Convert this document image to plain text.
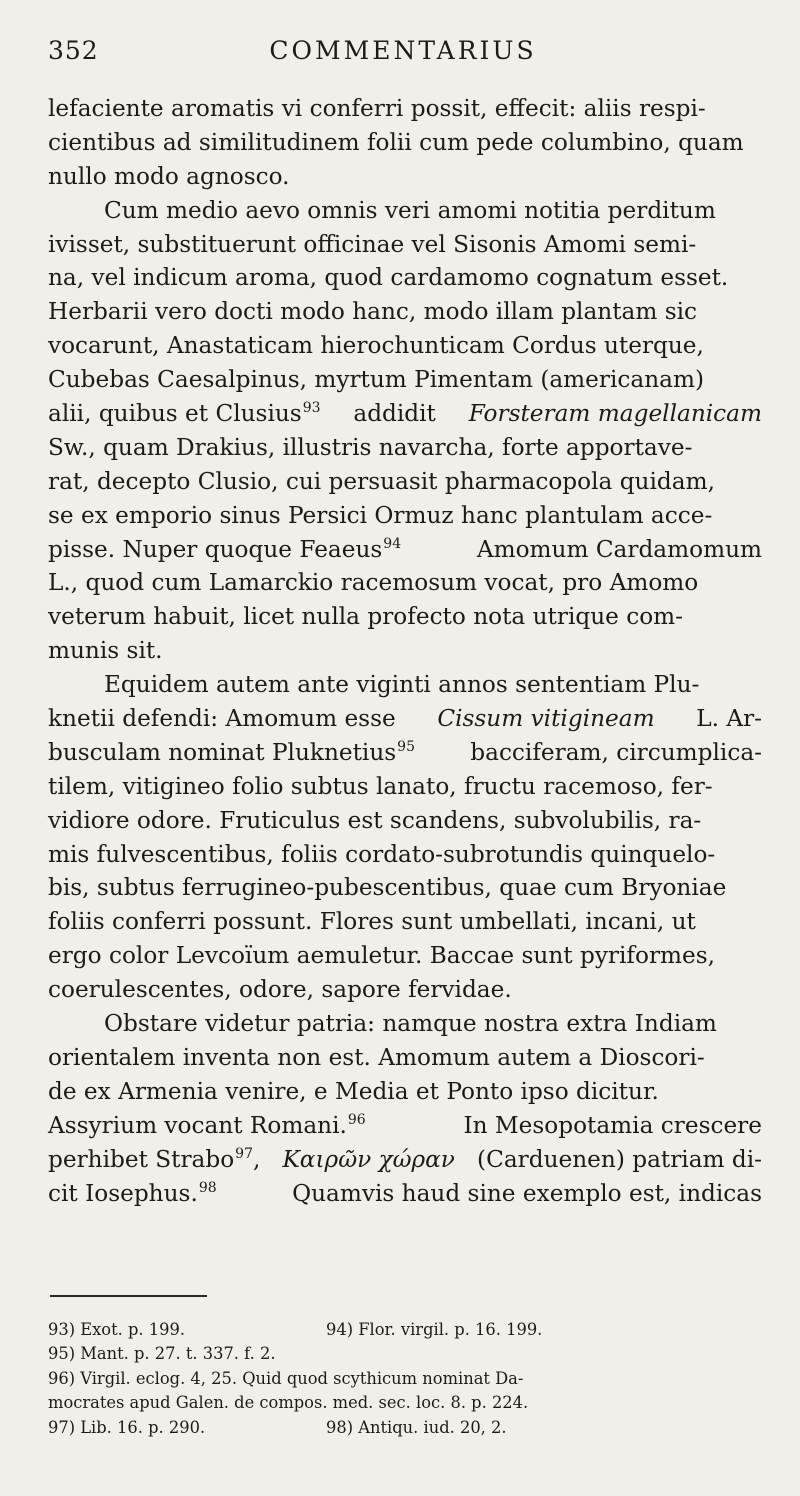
352	COMMENTARIUS
lefaciente aromatis vi conferri possit, effecit: aliis respi-
cientibus ad similitudinem folii cum pede columbino, quam
nullo modo agnosco.
Cum medio aevo omnis veri amomi notitia perditum
ivisset, substituerunt officinae vel Sisonis Amomi semi-
na, vel indicum aroma, quod cardamomo cognatum esset.
Herbarii vero docti modo hanc, modo illam plantam sic
vocarunt, Anastaticam hierochunticam Cordus uterque,
Cubebas Caesalpinus, myrtum Pimentam (americanam)
alii, quibus et Clusius$^{93}$ addidit Forsteram magellanicam
Sw., quam Drakius, illustris navarcha, forte apportave-
rat, decepto Clusio, cui persuasit pharmacopola quidam,
se ex emporio sinus Persici Ormuz hanc plantulam acce-
pisse. Nuper quoque Feaeus$^{94}$	Amomum Cardamomum
L., quod cum Lamarckio racemosum vocat, pro Amomo
veterum habuit, licet nulla profecto nota utrique com-
munis sit.
Equidem autem ante viginti annos sententiam Plu-
knetii defendi: Amomum esse Cissum vitigineam L. Ar-
busculam nominat Pluknetius$^{95}$ bacciferam, circumplica-
tilem, vitigineo folio subtus lanato, fructu racemoso, fer-
vidiore odore. Fruticulus est scandens, subvolubilis, ra-
mis fulvescentibus, foliis cordato-subrotundis quinquelo-
bis, subtus ferrugineo-pubescentibus, quae cum Bryoniae
foliis conferri possunt. Flores sunt umbellati, incani, ut
ergo color Levcoïum aemuletur. Baccae sunt pyriformes,
coerulescentes, odore, sapore fervidae.
Obstare videtur patria: namque nostra extra Indiam
orientalem inventa non est. Amomum autem a Dioscori-
de ex Armenia venire, e Media et Ponto ipso dicitur.
Assyrium vocant Romani.$^{96}$	In Mesopotamia crescere
perhibet Strabo$^{97}$, Καιρῶν χώραν (Carduenen) patriam di-
cit Iosephus.$^{98}$	Quamvis haud sine exemplo est, indicas
93) Exot. p. 199.	94) Flor. virgil. p. 16. 199.
95) Mant. p. 27. t. 337. f. 2.
96) Virgil. eclog. 4, 25. Quid quod scythicum nominat Da-
mocrates apud Galen. de compos. med. sec. loc. 8. p. 224.
97) Lib. 16. p. 290.	98) Antiqu. iud. 20, 2.
